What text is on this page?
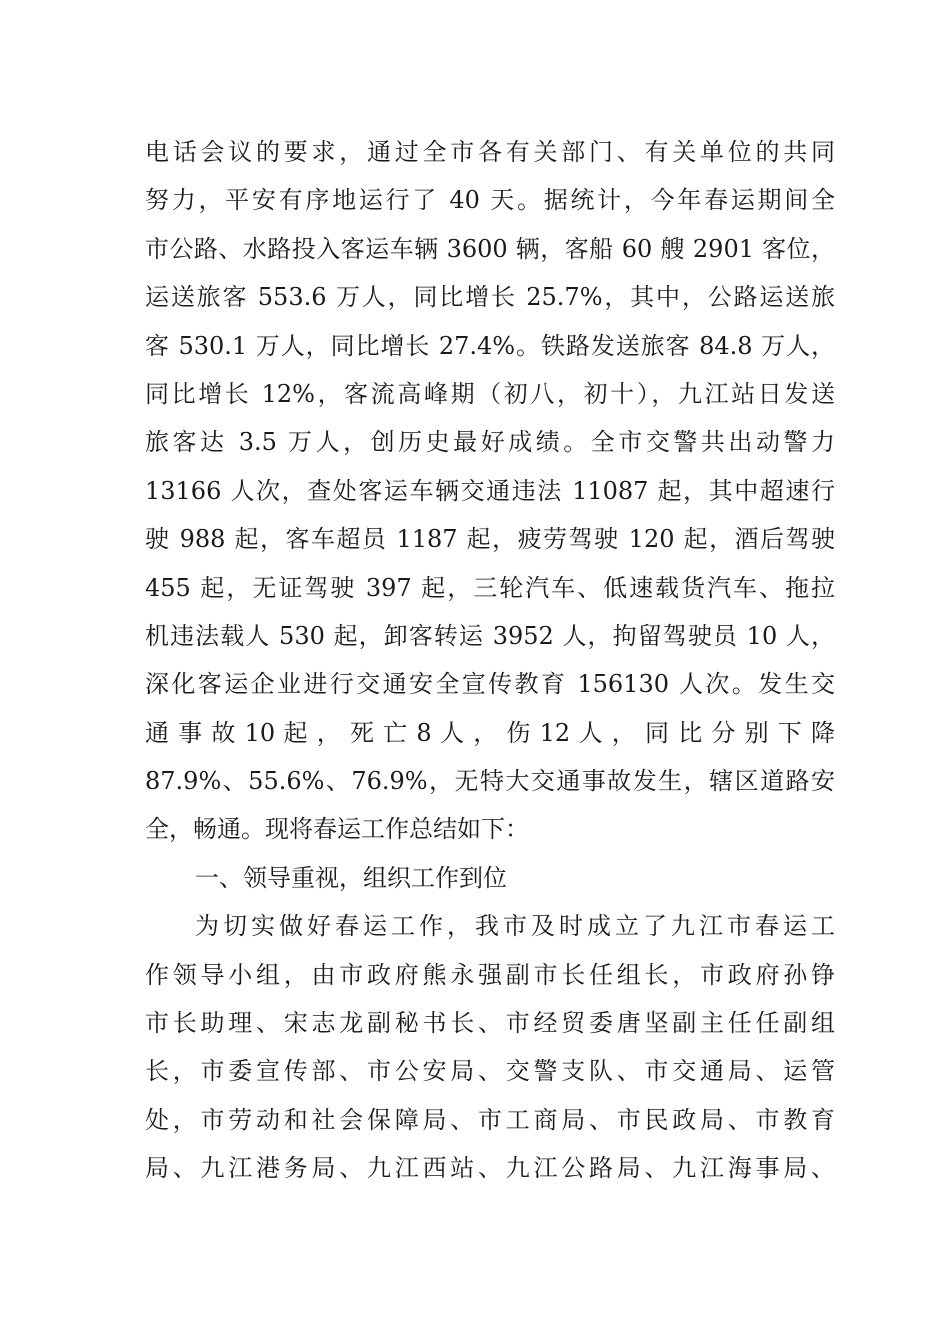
电话会议的要求，通过全市各有关部门、有关单位的共同
努力，平安有序地运行了 40 天。据统计，今年春运期间全
市公路、水路投入客运车辆 3600 辆，客船 60 艘 2901 客位，
运送旅客 553.6 万人，同比增长 25.7%，其中，公路运送旅
客 530.1 万人，同比增长 27.4%。铁路发送旅客 84.8 万人，
同比增长 12%，客流高峰期（初八，初十），九江站日发送
旅客达 3.5 万人，创历史最好成绩。全市交警共出动警力
13166 人次，查处客运车辆交通违法 11087 起，其中超速行
驶 988 起，客车超员 1187 起，疲劳驾驶 120 起，酒后驾驶
455 起，无证驾驶 397 起，三轮汽车、低速载货汽车、拖拉
机违法载人 530 起，卸客转运 3952 人，拘留驾驶员 10 人，
深化客运企业进行交通安全宣传教育 156130 人次。发生交
通 事 故 10 起 ， 死 亡 8 人 ， 伤 12 人 ， 同 比 分 别 下 降
87.9%、55.6%、76.9%，无特大交通事故发生，辖区道路安
全，畅通。现将春运工作总结如下：
一、领导重视，组织工作到位
为切实做好春运工作，我市及时成立了九江市春运工
作领导小组，由市政府熊永强副市长任组长，市政府孙铮
市长助理、宋志龙副秘书长、市经贸委唐坚副主任任副组
长，市委宣传部、市公安局、交警支队、市交通局、运管
处，市劳动和社会保障局、市工商局、市民政局、市教育
局、九江港务局、九江西站、九江公路局、九江海事局、
